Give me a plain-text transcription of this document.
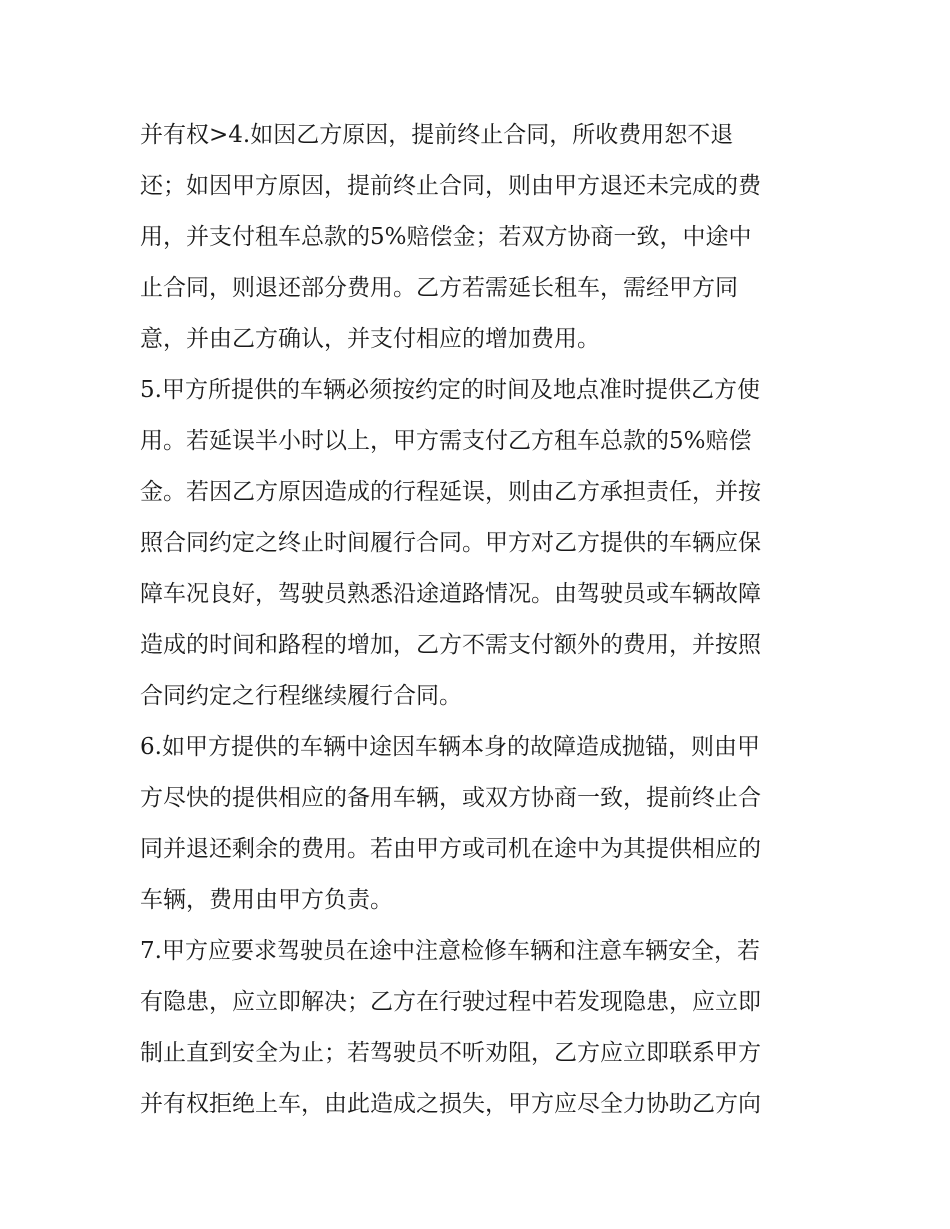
并有权>4.如因乙方原因，提前终止合同，所收费用恕不退
还；如因甲方原因，提前终止合同，则由甲方退还未完成的费
用，并支付租车总款的5%赔偿金；若双方协商一致，中途中
止合同，则退还部分费用。乙方若需延长租车，需经甲方同
意，并由乙方确认，并支付相应的增加费用。
5.甲方所提供的车辆必须按约定的时间及地点准时提供乙方使
用。若延误半小时以上，甲方需支付乙方租车总款的5%赔偿
金。若因乙方原因造成的行程延误，则由乙方承担责任，并按
照合同约定之终止时间履行合同。甲方对乙方提供的车辆应保
障车况良好，驾驶员熟悉沿途道路情况。由驾驶员或车辆故障
造成的时间和路程的增加，乙方不需支付额外的费用，并按照
合同约定之行程继续履行合同。
6.如甲方提供的车辆中途因车辆本身的故障造成抛锚，则由甲
方尽快的提供相应的备用车辆，或双方协商一致，提前终止合
同并退还剩余的费用。若由甲方或司机在途中为其提供相应的
车辆，费用由甲方负责。
7.甲方应要求驾驶员在途中注意检修车辆和注意车辆安全，若
有隐患，应立即解决；乙方在行驶过程中若发现隐患，应立即
制止直到安全为止；若驾驶员不听劝阻，乙方应立即联系甲方
并有权拒绝上车，由此造成之损失，甲方应尽全力协助乙方向
